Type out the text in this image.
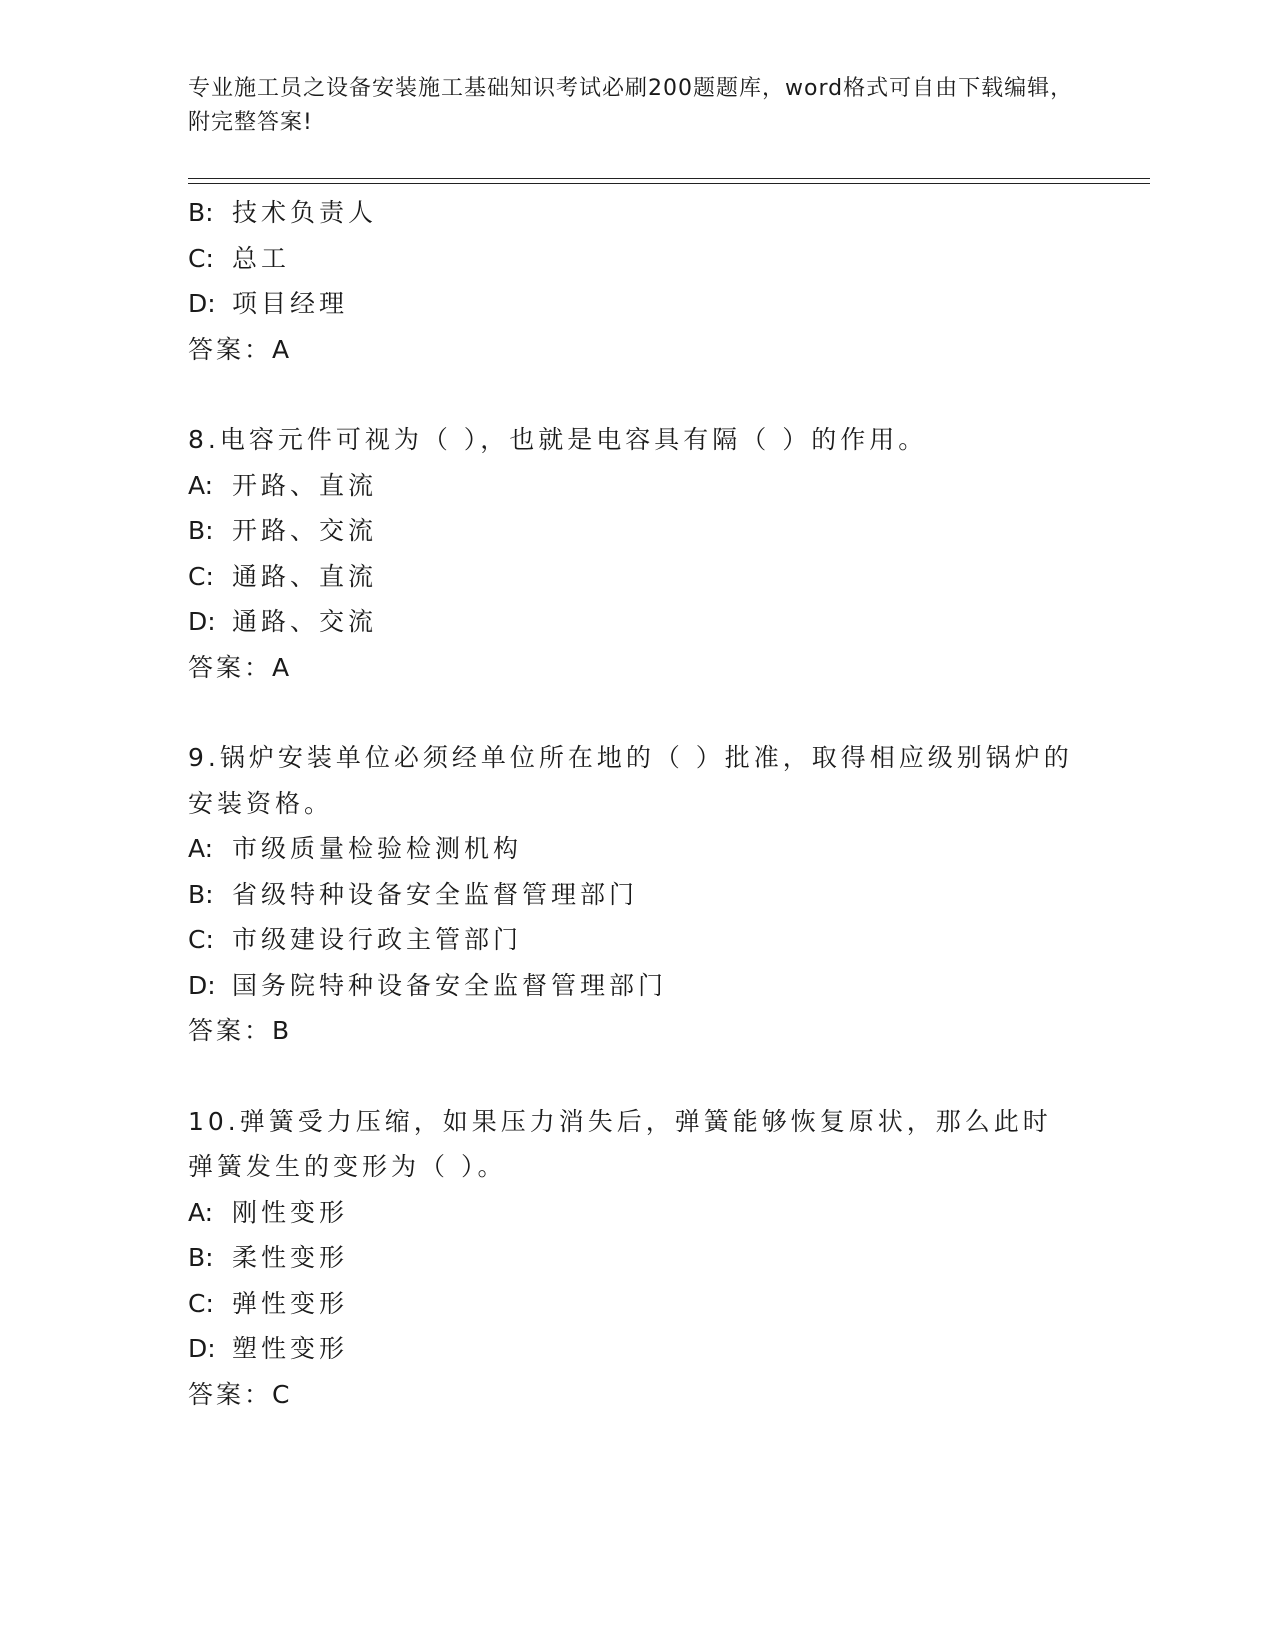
专业施工员之设备安装施工基础知识考试必刷200题题库，word格式可自由下载编辑，附完整答案!
B: 技术负责人
C: 总工
D: 项目经理
答案：A
8.电容元件可视为（ ），也就是电容具有隔（ ）的作用。
A: 开路、直流
B: 开路、交流
C: 通路、直流
D: 通路、交流
答案：A
9.锅炉安装单位必须经单位所在地的（ ）批准，取得相应级别锅炉的安装资格。
A: 市级质量检验检测机构
B: 省级特种设备安全监督管理部门
C: 市级建设行政主管部门
D: 国务院特种设备安全监督管理部门
答案：B
10.弹簧受力压缩，如果压力消失后，弹簧能够恢复原状，那么此时弹簧发生的变形为（ ）。
A: 刚性变形
B: 柔性变形
C: 弹性变形
D: 塑性变形
答案：C
